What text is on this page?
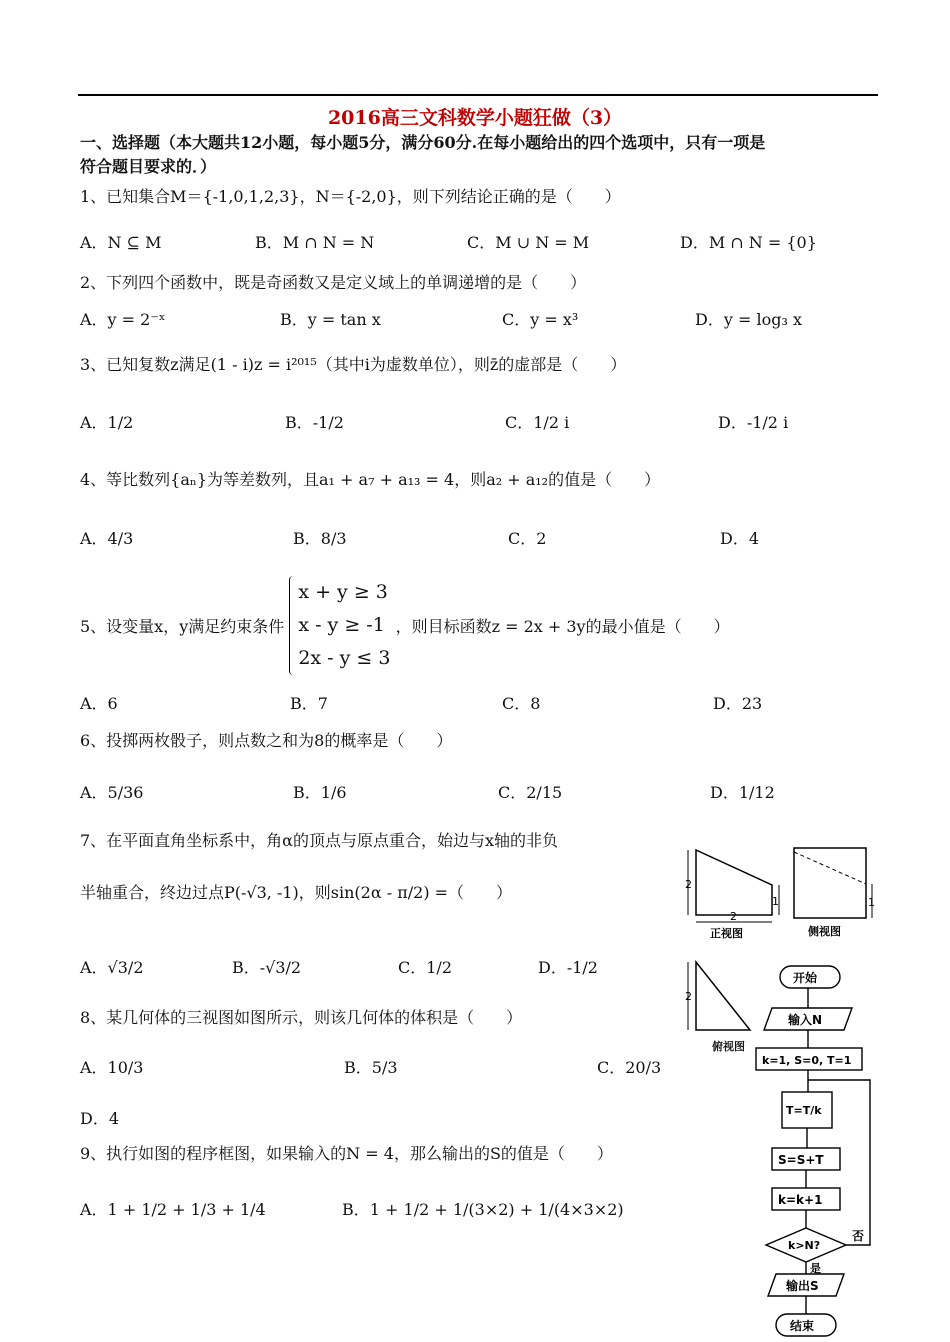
2016高三文科数学小题狂做（3）
一、选择题（本大题共12小题，每小题5分，满分60分.在每小题给出的四个选项中，只有一项是
符合题目要求的．）
1、已知集合M＝{-1,0,1,2,3}，N＝{-2,0}，则下列结论正确的是（　　）
A．N ⊆ M	B．M ∩ N = N	C．M ∪ N = M	D．M ∩ N = {0}
2、下列四个函数中，既是奇函数又是定义域上的单调递增的是（　　）
A．y = 2⁻ˣ	B．y = tan x	C．y = x³	D．y = log₃ x
3、已知复数z满足(1 - i)z = i²⁰¹⁵（其中i为虚数单位），则z̄的虚部是（　　）
A．1/2	B．-1/2	C．1/2 i	D．-1/2 i
4、等比数列{aₙ}为等差数列，且a₁ + a₇ + a₁₃ = 4，则a₂ + a₁₂的值是（　　）
A．4/3	B．8/3	C．2	D．4
5、设变量x，y满足约束条件
x + y ≥ 3
x - y ≥ -1
2x - y ≤ 3
，则目标函数z = 2x + 3y的最小值是（　　）
A．6	B．7	C．8	D．23
6、投掷两枚骰子，则点数之和为8的概率是（　　）
A．5/36	B．1/6	C．2/15	D．1/12
7、在平面直角坐标系中，角α的顶点与原点重合，始边与x轴的非负
半轴重合，终边过点P(-√3, -1)，则sin(2α - π/2) =（　　）
A．√3/2	B．-√3/2	C．1/2	D．-1/2
8、某几何体的三视图如图所示，则该几何体的体积是（　　）
A．10/3	B．5/3	C．20/3
D．4
9、执行如图的程序框图，如果输入的N = 4，那么输出的S的值是（　　）
A．1 + 1/2 + 1/3 + 1/4	B．1 + 1/2 + 1/(3×2) + 1/(4×3×2)
2
2
1
正视图
1
侧视图
2
俯视图
开始
输入N
k=1, S=0, T=1
T=T/k
S=S+T
k=k+1
k>N?
否
是
输出S
结束
